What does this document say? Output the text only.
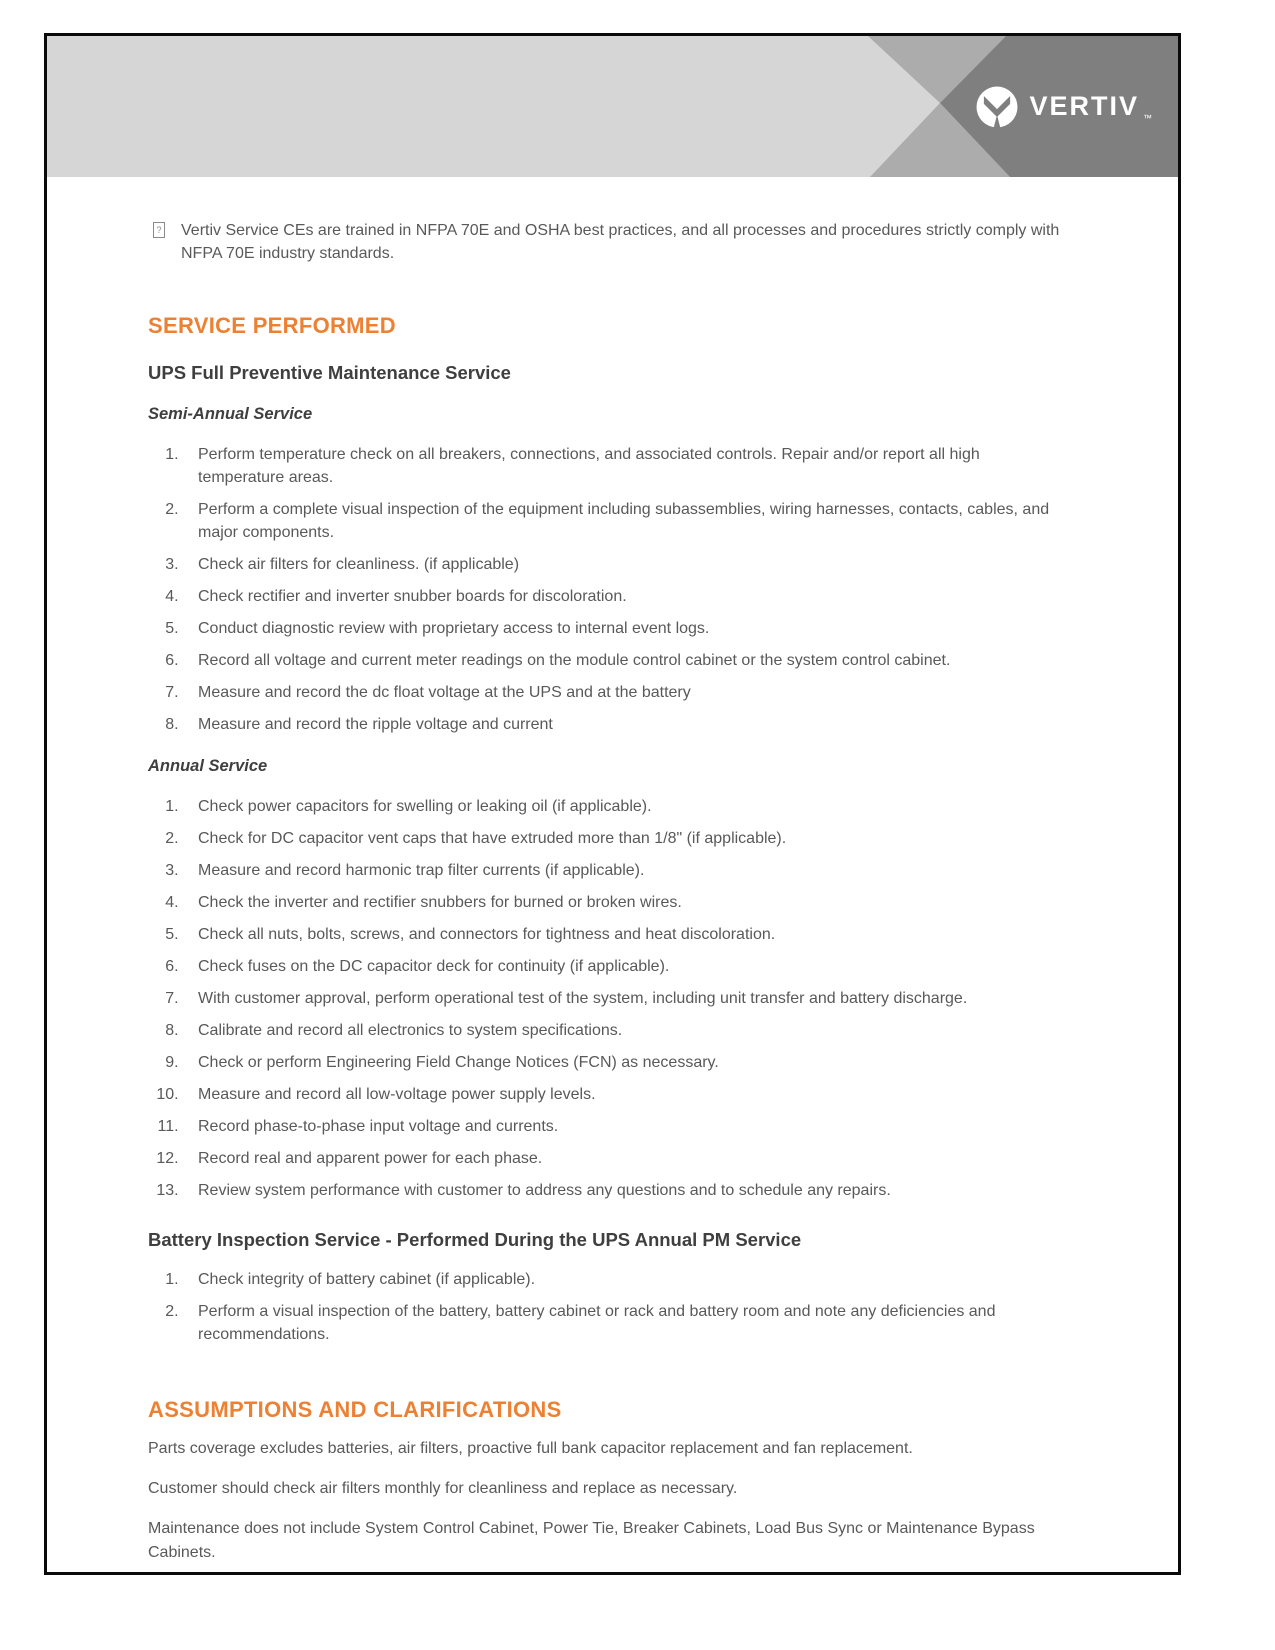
VERTIV ™
? Vertiv Service CEs are trained in NFPA 70E and OSHA best practices, and all processes and procedures strictly comply with NFPA 70E industry standards.

SERVICE PERFORMED
UPS Full Preventive Maintenance Service
Semi-Annual Service
1. Perform temperature check on all breakers, connections, and associated controls. Repair and/or report all high temperature areas.
2. Perform a complete visual inspection of the equipment including subassemblies, wiring harnesses, contacts, cables, and major components.
3. Check air filters for cleanliness. (if applicable)
4. Check rectifier and inverter snubber boards for discoloration.
5. Conduct diagnostic review with proprietary access to internal event logs.
6. Record all voltage and current meter readings on the module control cabinet or the system control cabinet.
7. Measure and record the dc float voltage at the UPS and at the battery
8. Measure and record the ripple voltage and current
Annual Service
1. Check power capacitors for swelling or leaking oil (if applicable).
2. Check for DC capacitor vent caps that have extruded more than 1/8" (if applicable).
3. Measure and record harmonic trap filter currents (if applicable).
4. Check the inverter and rectifier snubbers for burned or broken wires.
5. Check all nuts, bolts, screws, and connectors for tightness and heat discoloration.
6. Check fuses on the DC capacitor deck for continuity (if applicable).
7. With customer approval, perform operational test of the system, including unit transfer and battery discharge.
8. Calibrate and record all electronics to system specifications.
9. Check or perform Engineering Field Change Notices (FCN) as necessary.
10. Measure and record all low-voltage power supply levels.
11. Record phase-to-phase input voltage and currents.
12. Record real and apparent power for each phase.
13. Review system performance with customer to address any questions and to schedule any repairs.
Battery Inspection Service - Performed During the UPS Annual PM Service
1. Check integrity of battery cabinet (if applicable).
2. Perform a visual inspection of the battery, battery cabinet or rack and battery room and note any deficiencies and recommendations.
ASSUMPTIONS AND CLARIFICATIONS

Parts coverage excludes batteries, air filters, proactive full bank capacitor replacement and fan replacement.

Customer should check air filters monthly for cleanliness and replace as necessary.

Maintenance does not include System Control Cabinet, Power Tie, Breaker Cabinets, Load Bus Sync or Maintenance Bypass Cabinets.
